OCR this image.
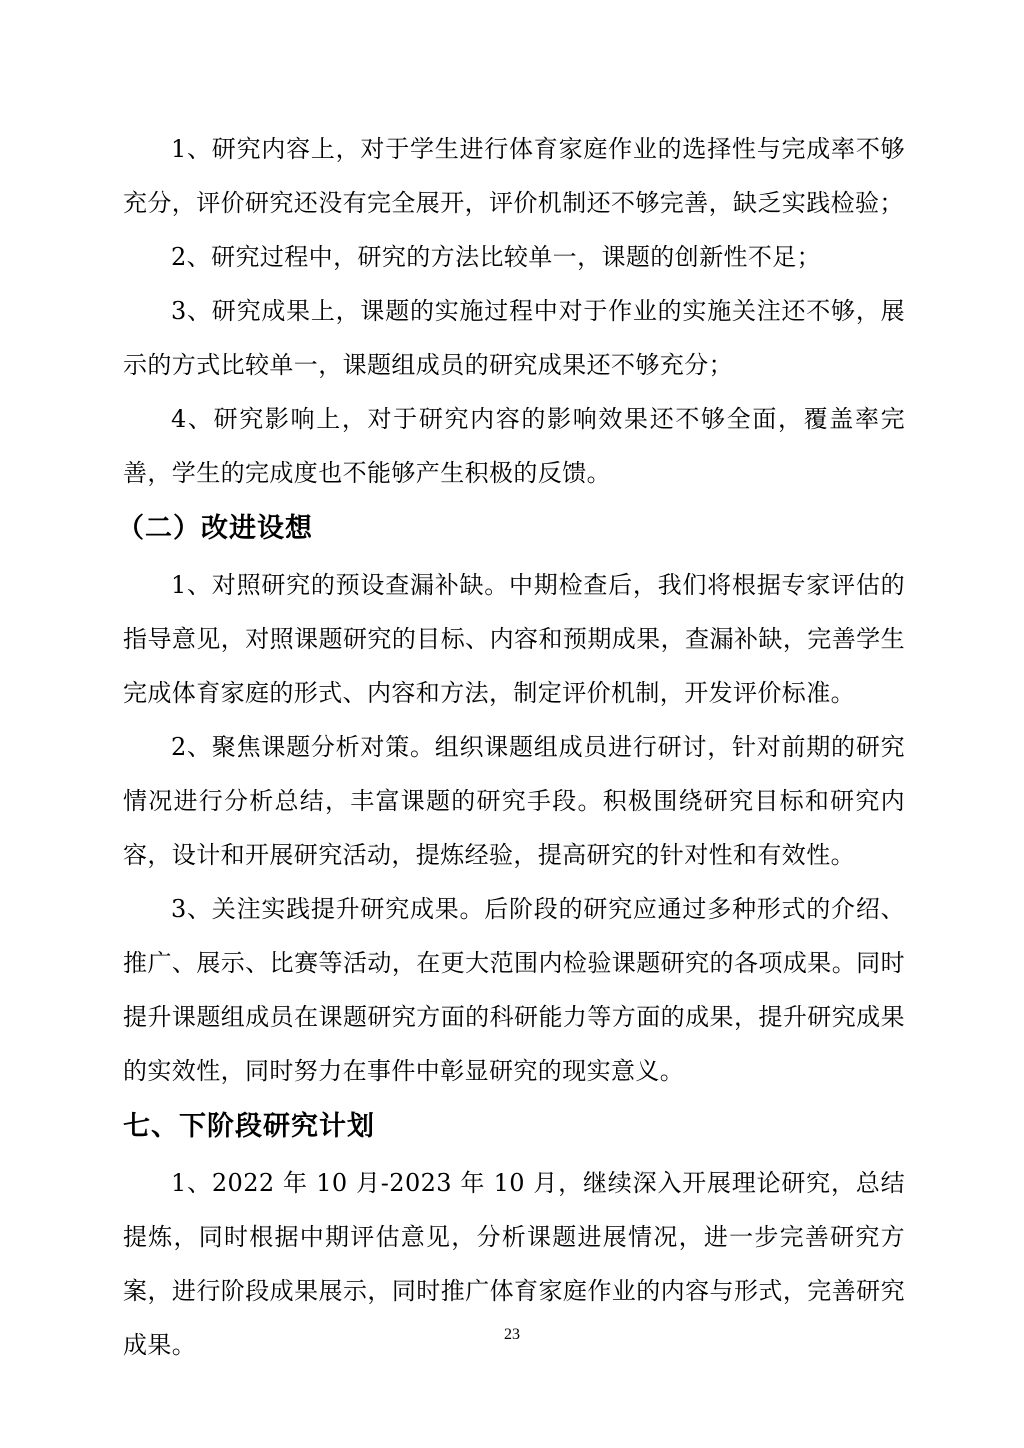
1、研究内容上，对于学生进行体育家庭作业的选择性与完成率不够充分，评价研究还没有完全展开，评价机制还不够完善，缺乏实践检验；

2、研究过程中，研究的方法比较单一，课题的创新性不足；

3、研究成果上，课题的实施过程中对于作业的实施关注还不够，展示的方式比较单一，课题组成员的研究成果还不够充分；

4、研究影响上，对于研究内容的影响效果还不够全面，覆盖率完善，学生的完成度也不能够产生积极的反馈。

（二）改进设想

1、对照研究的预设查漏补缺。中期检查后，我们将根据专家评估的指导意见，对照课题研究的目标、内容和预期成果，查漏补缺，完善学生完成体育家庭的形式、内容和方法，制定评价机制，开发评价标准。

2、聚焦课题分析对策。组织课题组成员进行研讨，针对前期的研究情况进行分析总结，丰富课题的研究手段。积极围绕研究目标和研究内容，设计和开展研究活动，提炼经验，提高研究的针对性和有效性。

3、关注实践提升研究成果。后阶段的研究应通过多种形式的介绍、推广、展示、比赛等活动，在更大范围内检验课题研究的各项成果。同时提升课题组成员在课题研究方面的科研能力等方面的成果，提升研究成果的实效性，同时努力在事件中彰显研究的现实意义。

七、下阶段研究计划

1、2022 年 10 月-2023 年 10 月，继续深入开展理论研究，总结提炼，同时根据中期评估意见，分析课题进展情况，进一步完善研究方案，进行阶段成果展示，同时推广体育家庭作业的内容与形式，完善研究成果。	23
